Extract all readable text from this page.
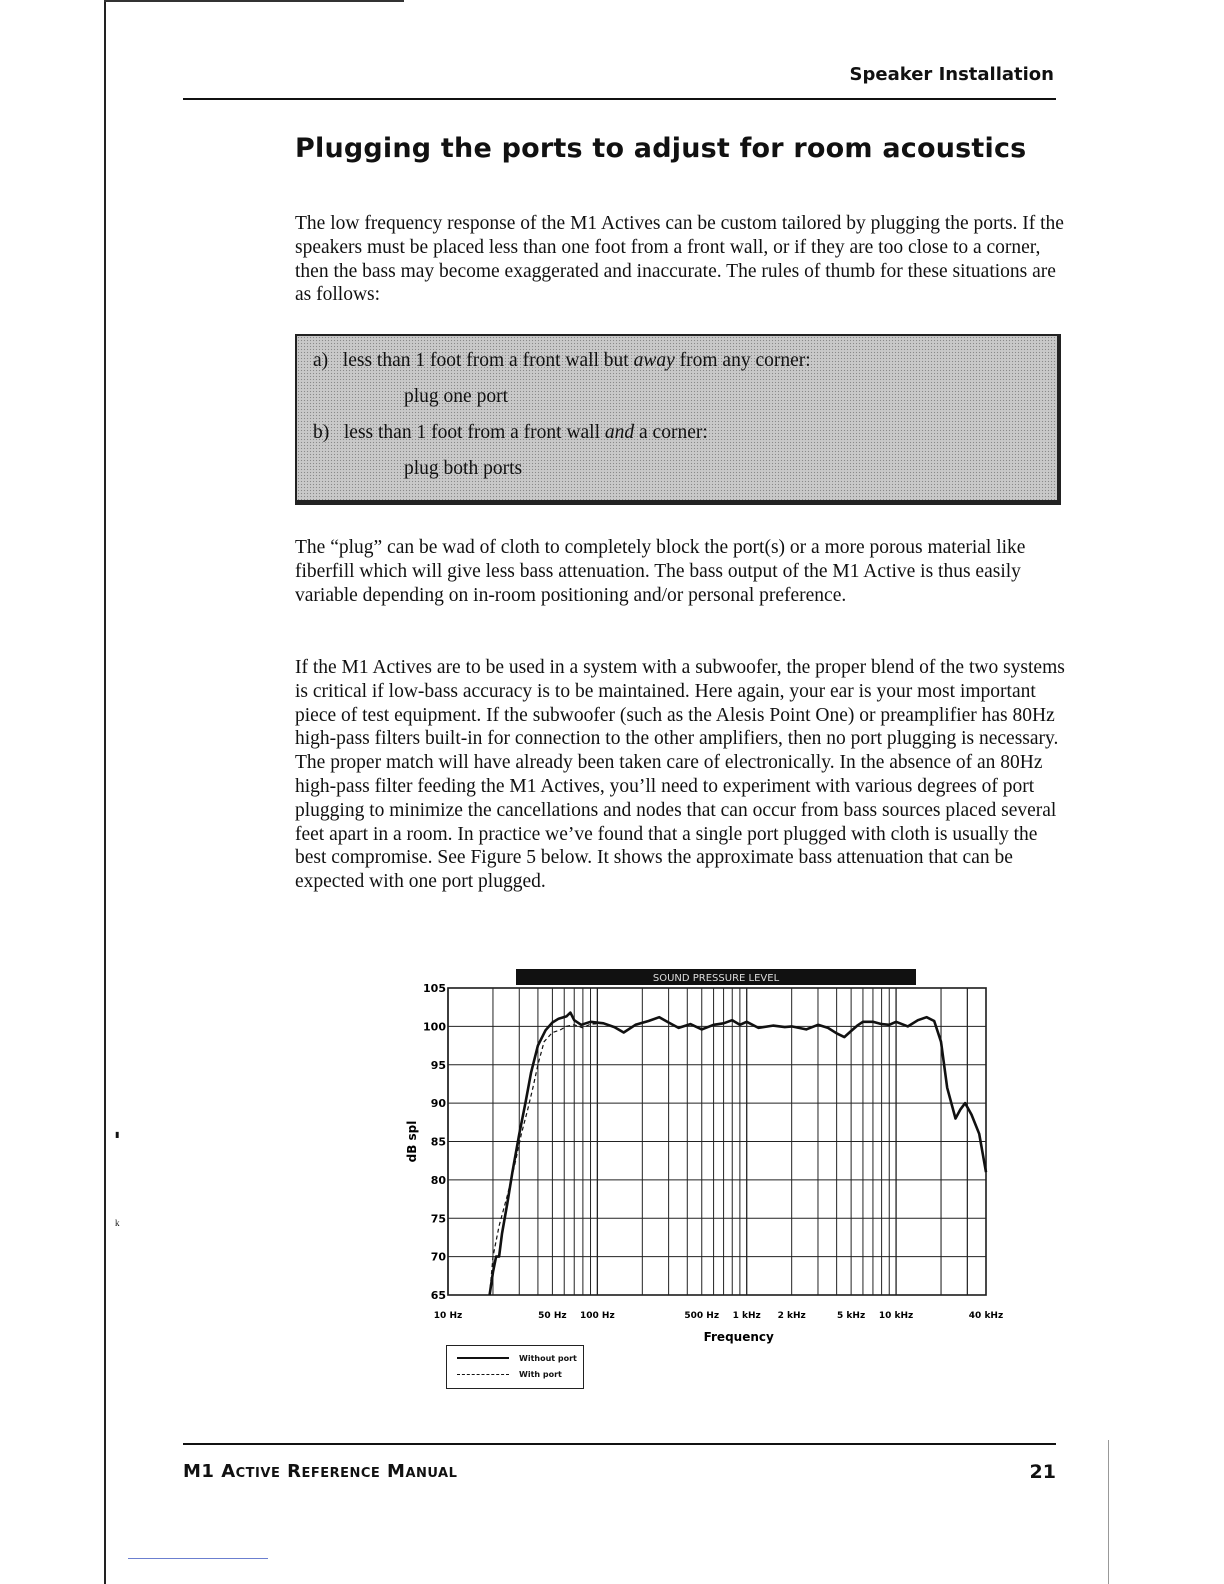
▮
k
Speaker Installation
Plugging the ports to adjust for room acoustics

The low frequency response of the M1 Actives can be custom tailored by plugging the ports. If the speakers must be placed less than one foot from a front wall, or if they are too close to a corner, then the bass may become exaggerated and inaccurate. The rules of thumb for these situations are as follows:

a) less than 1 foot from a front wall but away from any corner:
plug one port
b) less than 1 foot from a front wall and a corner:
plug both ports

The “plug” can be wad of cloth to completely block the port(s) or a more porous material like fiberfill which will give less bass attenuation. The bass output of the M1 Active is thus easily variable depending on in-room positioning and/or personal preference.

If the M1 Actives are to be used in a system with a subwoofer, the proper blend of the two systems is critical if low-bass accuracy is to be maintained. Here again, your ear is your most important piece of test equipment. If the subwoofer (such as the Alesis Point One) or preamplifier has 80Hz high-pass filters built-in for connection to the other amplifiers, then no port plugging is necessary. The proper match will have already been taken care of electronically. In the absence of an 80Hz high-pass filter feeding the M1 Actives, you’ll need to experiment with various degrees of port plugging to minimize the cancellations and nodes that can occur from bass sources placed several feet apart in a room. In practice we’ve found that a single port plugged with cloth is usually the best compromise. See Figure 5 below. It shows the approximate bass attenuation that can be expected with one port plugged.

SOUND PRESSURE LEVEL
105
100
95
90
85
80
75
70
65
10 Hz	50 Hz 100 Hz	500 Hz 1 kHz 2 kHz	5 kHz 10 kHz	40 kHz
Frequency
dB spl
Without port
With port
M1 Active Reference Manual	21
